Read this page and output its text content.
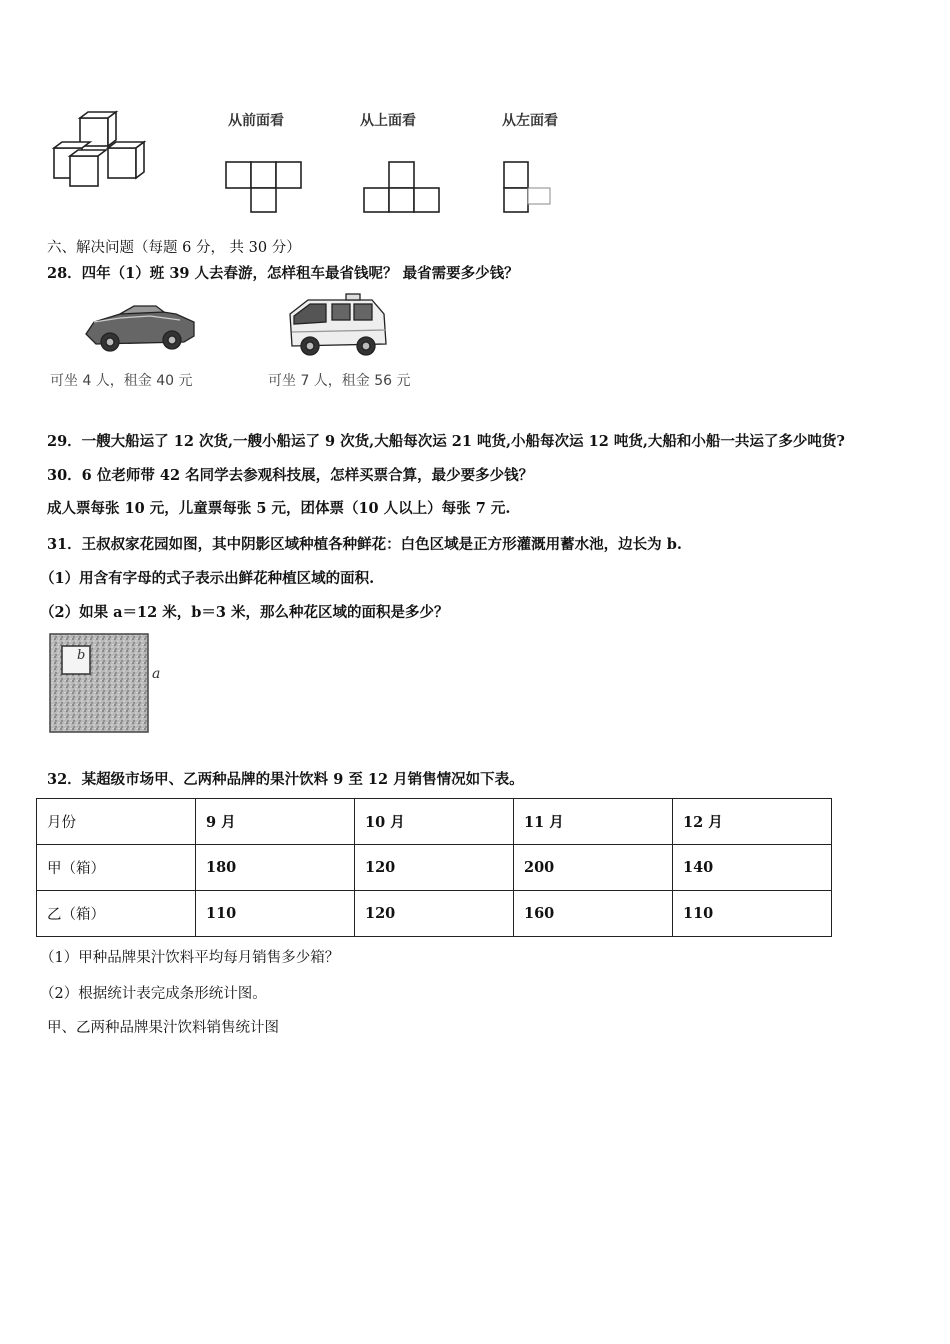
从前面看	从上面看	从左面看
六、解决问题（每题 6 分， 共 30 分）
28．四年（1）班 39 人去春游，怎样租车最省钱呢？ 最省需要多少钱？
可坐 4 人，租金 40 元	可坐 7 人，租金 56 元
29．一艘大船运了 12 次货,一艘小船运了 9 次货,大船每次运 21 吨货,小船每次运 12 吨货,大船和小船一共运了多少吨货?
30．6 位老师带 42 名同学去参观科技展，怎样买票合算，最少要多少钱？
成人票每张 10 元，儿童票每张 5 元，团体票（10 人以上）每张 7 元.
31．王叔叔家花园如图，其中阴影区域种植各种鲜花：白色区域是正方形灌溉用蓄水池，边长为 b.
（1）用含有字母的式子表示出鲜花种植区域的面积.
（2）如果 a＝12 米，b＝3 米，那么种花区域的面积是多少？
b
a
32．某超级市场甲、乙两种品牌的果汁饮料 9 至 12 月销售情况如下表。
月份	9 月	10 月	11 月	12 月
甲（箱）	180	120	200	140
乙（箱）	110	120	160	110
（1）甲种品牌果汁饮料平均每月销售多少箱？
（2）根据统计表完成条形统计图。
甲、乙两种品牌果汁饮料销售统计图
